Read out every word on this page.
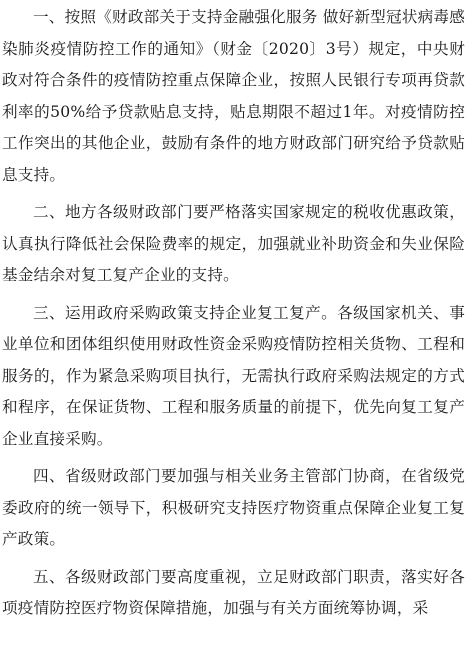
一、按照《财政部关于支持金融强化服务 做好新型冠状病毒感染肺炎疫情防控工作的通知》（财金〔2020〕3号）规定，中央财政对符合条件的疫情防控重点保障企业，按照人民银行专项再贷款利率的50%给予贷款贴息支持，贴息期限不超过1年。对疫情防控工作突出的其他企业，鼓励有条件的地方财政部门研究给予贷款贴息支持。

二、地方各级财政部门要严格落实国家规定的税收优惠政策，认真执行降低社会保险费率的规定，加强就业补助资金和失业保险基金结余对复工复产企业的支持。

三、运用政府采购政策支持企业复工复产。各级国家机关、事业单位和团体组织使用财政性资金采购疫情防控相关货物、工程和服务的，作为紧急采购项目执行，无需执行政府采购法规定的方式和程序，在保证货物、工程和服务质量的前提下，优先向复工复产企业直接采购。

四、省级财政部门要加强与相关业务主管部门协商，在省级党委政府的统一领导下，积极研究支持医疗物资重点保障企业复工复产政策。

五、各级财政部门要高度重视，立足财政部门职责，落实好各项疫情防控医疗物资保障措施，加强与有关方面统筹协调，采
